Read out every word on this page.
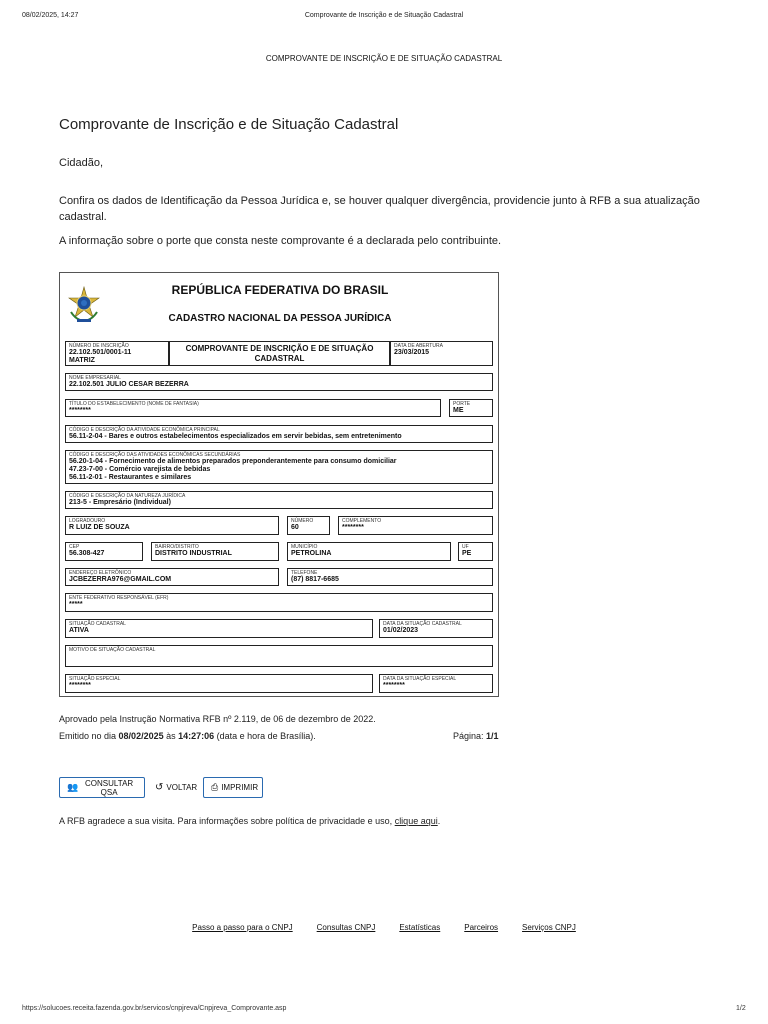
08/02/2025, 14:27	Comprovante de Inscrição e de Situação Cadastral
COMPROVANTE DE INSCRIÇÃO E DE SITUAÇÃO CADASTRAL
Comprovante de Inscrição e de Situação Cadastral
Cidadão,
Confira os dados de Identificação da Pessoa Jurídica e, se houver qualquer divergência, providencie junto à RFB a sua atualização cadastral.
A informação sobre o porte que consta neste comprovante é a declarada pelo contribuinte.
REPÚBLICA FEDERATIVA DO BRASIL
CADASTRO NACIONAL DA PESSOA JURÍDICA
NÚMERO DE INSCRIÇÃO
22.102.501/0001-11
MATRIZ
COMPROVANTE DE INSCRIÇÃO E DE SITUAÇÃO CADASTRAL
DATA DE ABERTURA
23/03/2015
NOME EMPRESARIAL
22.102.501 JULIO CESAR BEZERRA
TÍTULO DO ESTABELECIMENTO (NOME DE FANTASIA)
********
PORTE
ME
CÓDIGO E DESCRIÇÃO DA ATIVIDADE ECONÔMICA PRINCIPAL
56.11-2-04 - Bares e outros estabelecimentos especializados em servir bebidas, sem entretenimento
CÓDIGO E DESCRIÇÃO DAS ATIVIDADES ECONÔMICAS SECUNDÁRIAS
56.20-1-04 - Fornecimento de alimentos preparados preponderantemente para consumo domiciliar
47.23-7-00 - Comércio varejista de bebidas
56.11-2-01 - Restaurantes e similares
CÓDIGO E DESCRIÇÃO DA NATUREZA JURÍDICA
213-5 - Empresário (Individual)
LOGRADOURO
R LUIZ DE SOUZA
NÚMERO
60
COMPLEMENTO
********
CEP
56.308-427
BAIRRO/DISTRITO
DISTRITO INDUSTRIAL
MUNICÍPIO
PETROLINA
UF
PE
ENDEREÇO ELETRÔNICO
JCBEZERRA976@GMAIL.COM
TELEFONE
(87) 8817-6685
ENTE FEDERATIVO RESPONSÁVEL (EFR)
*****
SITUAÇÃO CADASTRAL
ATIVA
DATA DA SITUAÇÃO CADASTRAL
01/02/2023
MOTIVO DE SITUAÇÃO CADASTRAL
SITUAÇÃO ESPECIAL
********
DATA DA SITUAÇÃO ESPECIAL
********
Aprovado pela Instrução Normativa RFB nº 2.119, de 06 de dezembro de 2022.
Emitido no dia 08/02/2025 às 14:27:06 (data e hora de Brasília).	Página: 1/1
👥 CONSULTAR QSA	↺ VOLTAR ⎙ IMPRIMIR
A RFB agradece a sua visita. Para informações sobre política de privacidade e uso, clique aqui.
Passo a passo para o CNPJ	Consultas CNPJ	Estatísticas	Parceiros	Serviços CNPJ
https://solucoes.receita.fazenda.gov.br/servicos/cnpjreva/Cnpjreva_Comprovante.asp	1/2
